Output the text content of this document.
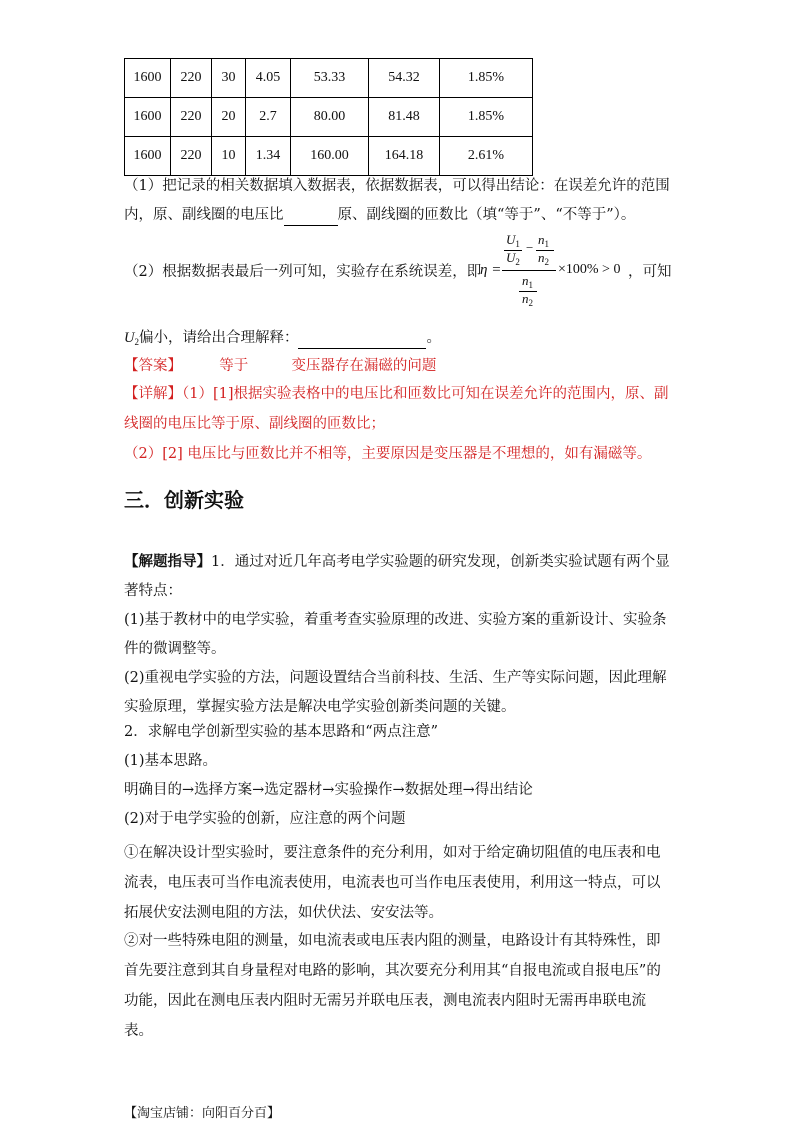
1600	220	30	4.05	53.33	54.32	1.85%
1600	220	20	2.7	80.00	81.48	1.85%
1600	220	10	1.34	160.00	164.18	2.61%
（1）把记录的相关数据填入数据表，依据数据表，可以得出结论：在误差允许的范围
内，原、副线圈的电压比	原、副线圈的匝数比（填“等于”、“不等于”）。
（2）根据数据表最后一列可知，实验存在系统误差，即
η =
$U_1$
$U_2$
−
$n_1$
$n_2$
$n_1$
$n_2$
×100% > 0 ，可知
$U_2$偏小，请给出合理解释：	。
【答案】	等于	变压器存在漏磁的问题
【详解】（1）[1]根据实验表格中的电压比和匝数比可知在误差允许的范围内，原、副
线圈的电压比等于原、副线圈的匝数比；
（2）[2] 电压比与匝数比并不相等，主要原因是变压器是不理想的，如有漏磁等。
三．创新实验
【解题指导】1．通过对近几年高考电学实验题的研究发现，创新类实验试题有两个显著特点：
(1)基于教材中的电学实验，着重考查实验原理的改进、实验方案的重新设计、实验条件的微调整等。
(2)重视电学实验的方法，问题设置结合当前科技、生活、生产等实际问题，因此理解实验原理，掌握实验方法是解决电学实验创新类问题的关键。
2．求解电学创新型实验的基本思路和“两点注意”
(1)基本思路。
明确目的→选择方案→选定器材→实验操作→数据处理→得出结论
(2)对于电学实验的创新，应注意的两个问题
①在解决设计型实验时，要注意条件的充分利用，如对于给定确切阻值的电压表和电流表，电压表可当作电流表使用，电流表也可当作电压表使用，利用这一特点，可以拓展伏安法测电阻的方法，如伏伏法、安安法等。
②对一些特殊电阻的测量，如电流表或电压表内阻的测量，电路设计有其特殊性，即首先要注意到其自身量程对电路的影响，其次要充分利用其“自报电流或自报电压”的功能，因此在测电压表内阻时无需另并联电压表，测电流表内阻时无需再串联电流表。
【淘宝店铺：向阳百分百】
